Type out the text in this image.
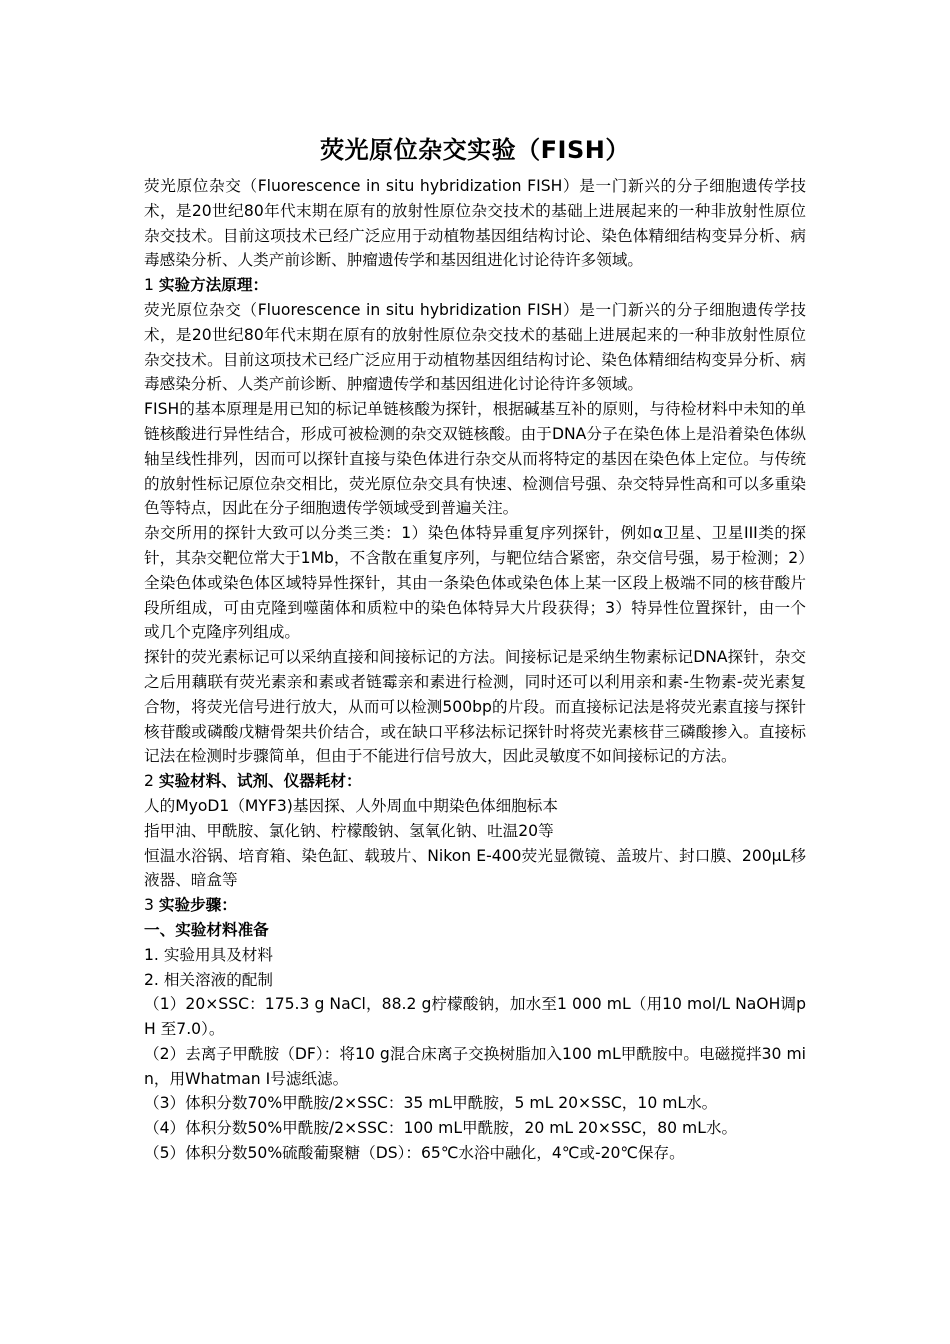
荧光原位杂交实验（FISH）

荧光原位杂交（Fluorescence in situ hybridization FISH）是一门新兴的分子细胞遗传学技术，是20世纪80年代末期在原有的放射性原位杂交技术的基础上进展起来的一种非放射性原位杂交技术。目前这项技术已经广泛应用于动植物基因组结构讨论、染色体精细结构变异分析、病毒感染分析、人类产前诊断、肿瘤遗传学和基因组进化讨论待许多领域。

1 实验方法原理：

荧光原位杂交（Fluorescence in situ hybridization FISH）是一门新兴的分子细胞遗传学技术，是20世纪80年代末期在原有的放射性原位杂交技术的基础上进展起来的一种非放射性原位杂交技术。目前这项技术已经广泛应用于动植物基因组结构讨论、染色体精细结构变异分析、病毒感染分析、人类产前诊断、肿瘤遗传学和基因组进化讨论待许多领域。

FISH的基本原理是用已知的标记单链核酸为探针，根据碱基互补的原则，与待检材料中未知的单链核酸进行异性结合，形成可被检测的杂交双链核酸。由于DNA分子在染色体上是沿着染色体纵轴呈线性排列，因而可以探针直接与染色体进行杂交从而将特定的基因在染色体上定位。与传统的放射性标记原位杂交相比，荧光原位杂交具有快速、检测信号强、杂交特异性高和可以多重染色等特点，因此在分子细胞遗传学领域受到普遍关注。

杂交所用的探针大致可以分类三类：1）染色体特异重复序列探针，例如α卫星、卫星III类的探针，其杂交靶位常大于1Mb，不含散在重复序列，与靶位结合紧密，杂交信号强，易于检测；2）全染色体或染色体区域特异性探针，其由一条染色体或染色体上某一区段上极端不同的核苷酸片段所组成，可由克隆到噬菌体和质粒中的染色体特异大片段获得；3）特异性位置探针，由一个或几个克隆序列组成。

探针的荧光素标记可以采纳直接和间接标记的方法。间接标记是采纳生物素标记DNA探针，杂交之后用藕联有荧光素亲和素或者链霉亲和素进行检测，同时还可以利用亲和素-生物素-荧光素复合物，将荧光信号进行放大，从而可以检测500bp的片段。而直接标记法是将荧光素直接与探针核苷酸或磷酸戊糖骨架共价结合，或在缺口平移法标记探针时将荧光素核苷三磷酸掺入。直接标记法在检测时步骤简单，但由于不能进行信号放大，因此灵敏度不如间接标记的方法。

2 实验材料、试剂、仪器耗材：

人的MyoD1（MYF3)基因探、人外周血中期染色体细胞标本

指甲油、甲酰胺、氯化钠、柠檬酸钠、氢氧化钠、吐温20等

恒温水浴锅、培育箱、染色缸、载玻片、Nikon E-400荧光显微镜、盖玻片、封口膜、200μL移液器、暗盒等

3 实验步骤：
一、实验材料准备

1. 实验用具及材料

2. 相关溶液的配制

（1）20×SSC：175.3 g NaCl，88.2 g柠檬酸钠，加水至1 000 mL（用10 mol/L NaOH调pH 至7.0）。

（2）去离子甲酰胺（DF）：将10 g混合床离子交换树脂加入100 mL甲酰胺中。电磁搅拌30 min，用Whatman I号滤纸滤。

（3）体积分数70%甲酰胺/2×SSC：35 mL甲酰胺，5 mL 20×SSC，10 mL水。

（4）体积分数50%甲酰胺/2×SSC：100 mL甲酰胺，20 mL 20×SSC，80 mL水。

（5）体积分数50%硫酸葡聚糖（DS）：65℃水浴中融化，4℃或-20℃保存。
